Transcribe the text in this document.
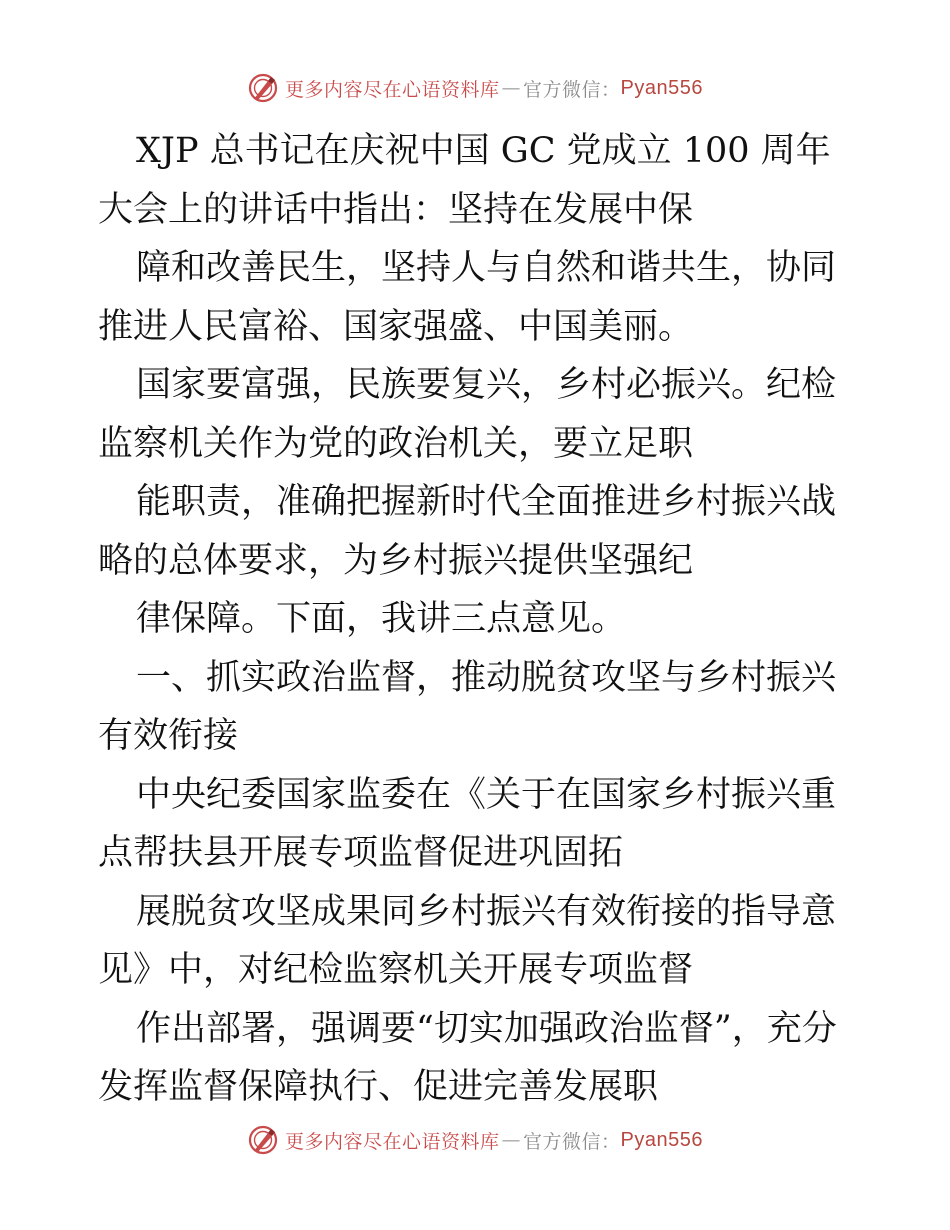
更多内容尽在心语资料库 — 官方微信： Pyan556

XJP 总书记在庆祝中国 GC 党成立 100 周年大会上的讲话中指出：坚持在发展中保

障和改善民生，坚持人与自然和谐共生，协同推进人民富裕、国家强盛、中国美丽。

国家要富强，民族要复兴，乡村必振兴。纪检监察机关作为党的政治机关，要立足职

能职责，准确把握新时代全面推进乡村振兴战略的总体要求，为乡村振兴提供坚强纪

律保障。下面，我讲三点意见。

一、抓实政治监督，推动脱贫攻坚与乡村振兴有效衔接

中央纪委国家监委在《关于在国家乡村振兴重点帮扶县开展专项监督促进巩固拓

展脱贫攻坚成果同乡村振兴有效衔接的指导意见》中，对纪检监察机关开展专项监督

作出部署，强调要“切实加强政治监督”，充分发挥监督保障执行、促进完善发展职

更多内容尽在心语资料库 — 官方微信： Pyan556
